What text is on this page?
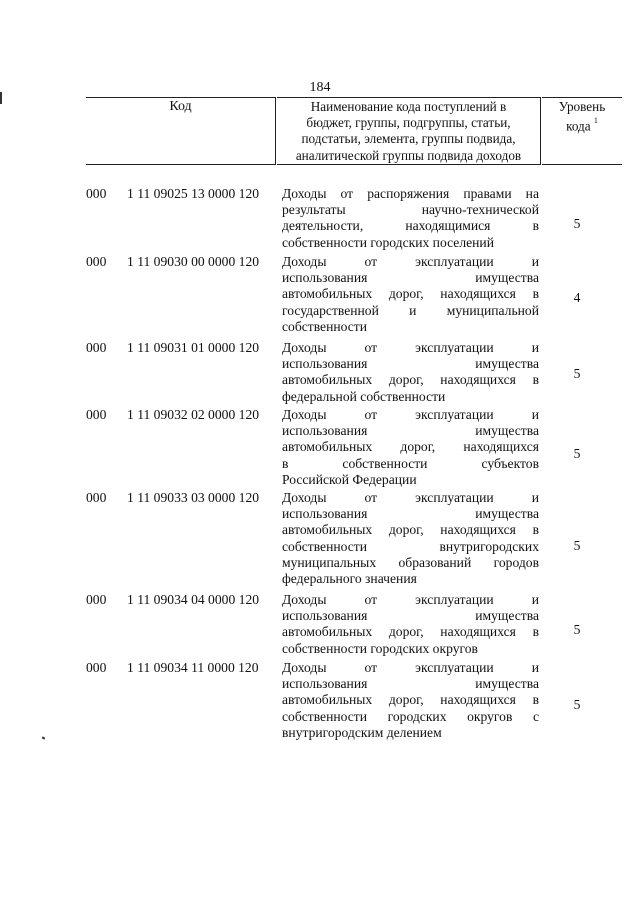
184
Код	Наименование кода поступлений в
бюджет, группы, подгруппы, статьи,
подстатьи, элемента, группы подвида,
аналитической группы подвида доходов
Уровень
кода $^1$
000 1 11 09025 13 0000 120 Доходы от распоряжения правами на
результаты научно-технической
деятельности, находящимися в
собственности городских поселений
5
000 1 11 09030 00 0000 120 Доходы от эксплуатации и
использования имущества
автомобильных дорог, находящихся в
государственной и муниципальной
собственности
4
000 1 11 09031 01 0000 120 Доходы от эксплуатации и
использования имущества
автомобильных дорог, находящихся в
федеральной собственности
5
000 1 11 09032 02 0000 120 Доходы от эксплуатации и
использования имущества
автомобильных дорог, находящихся
в собственности субъектов
Российской Федерации
5
000 1 11 09033 03 0000 120 Доходы от эксплуатации и
использования имущества
автомобильных дорог, находящихся в
собственности внутригородских
муниципальных образований городов
федерального значения
5
000 1 11 09034 04 0000 120 Доходы от эксплуатации и
использования имущества
автомобильных дорог, находящихся в
собственности городских округов
5
000 1 11 09034 11 0000 120 Доходы от эксплуатации и
использования имущества
автомобильных дорог, находящихся в
собственности городских округов с
внутригородским делением
5
